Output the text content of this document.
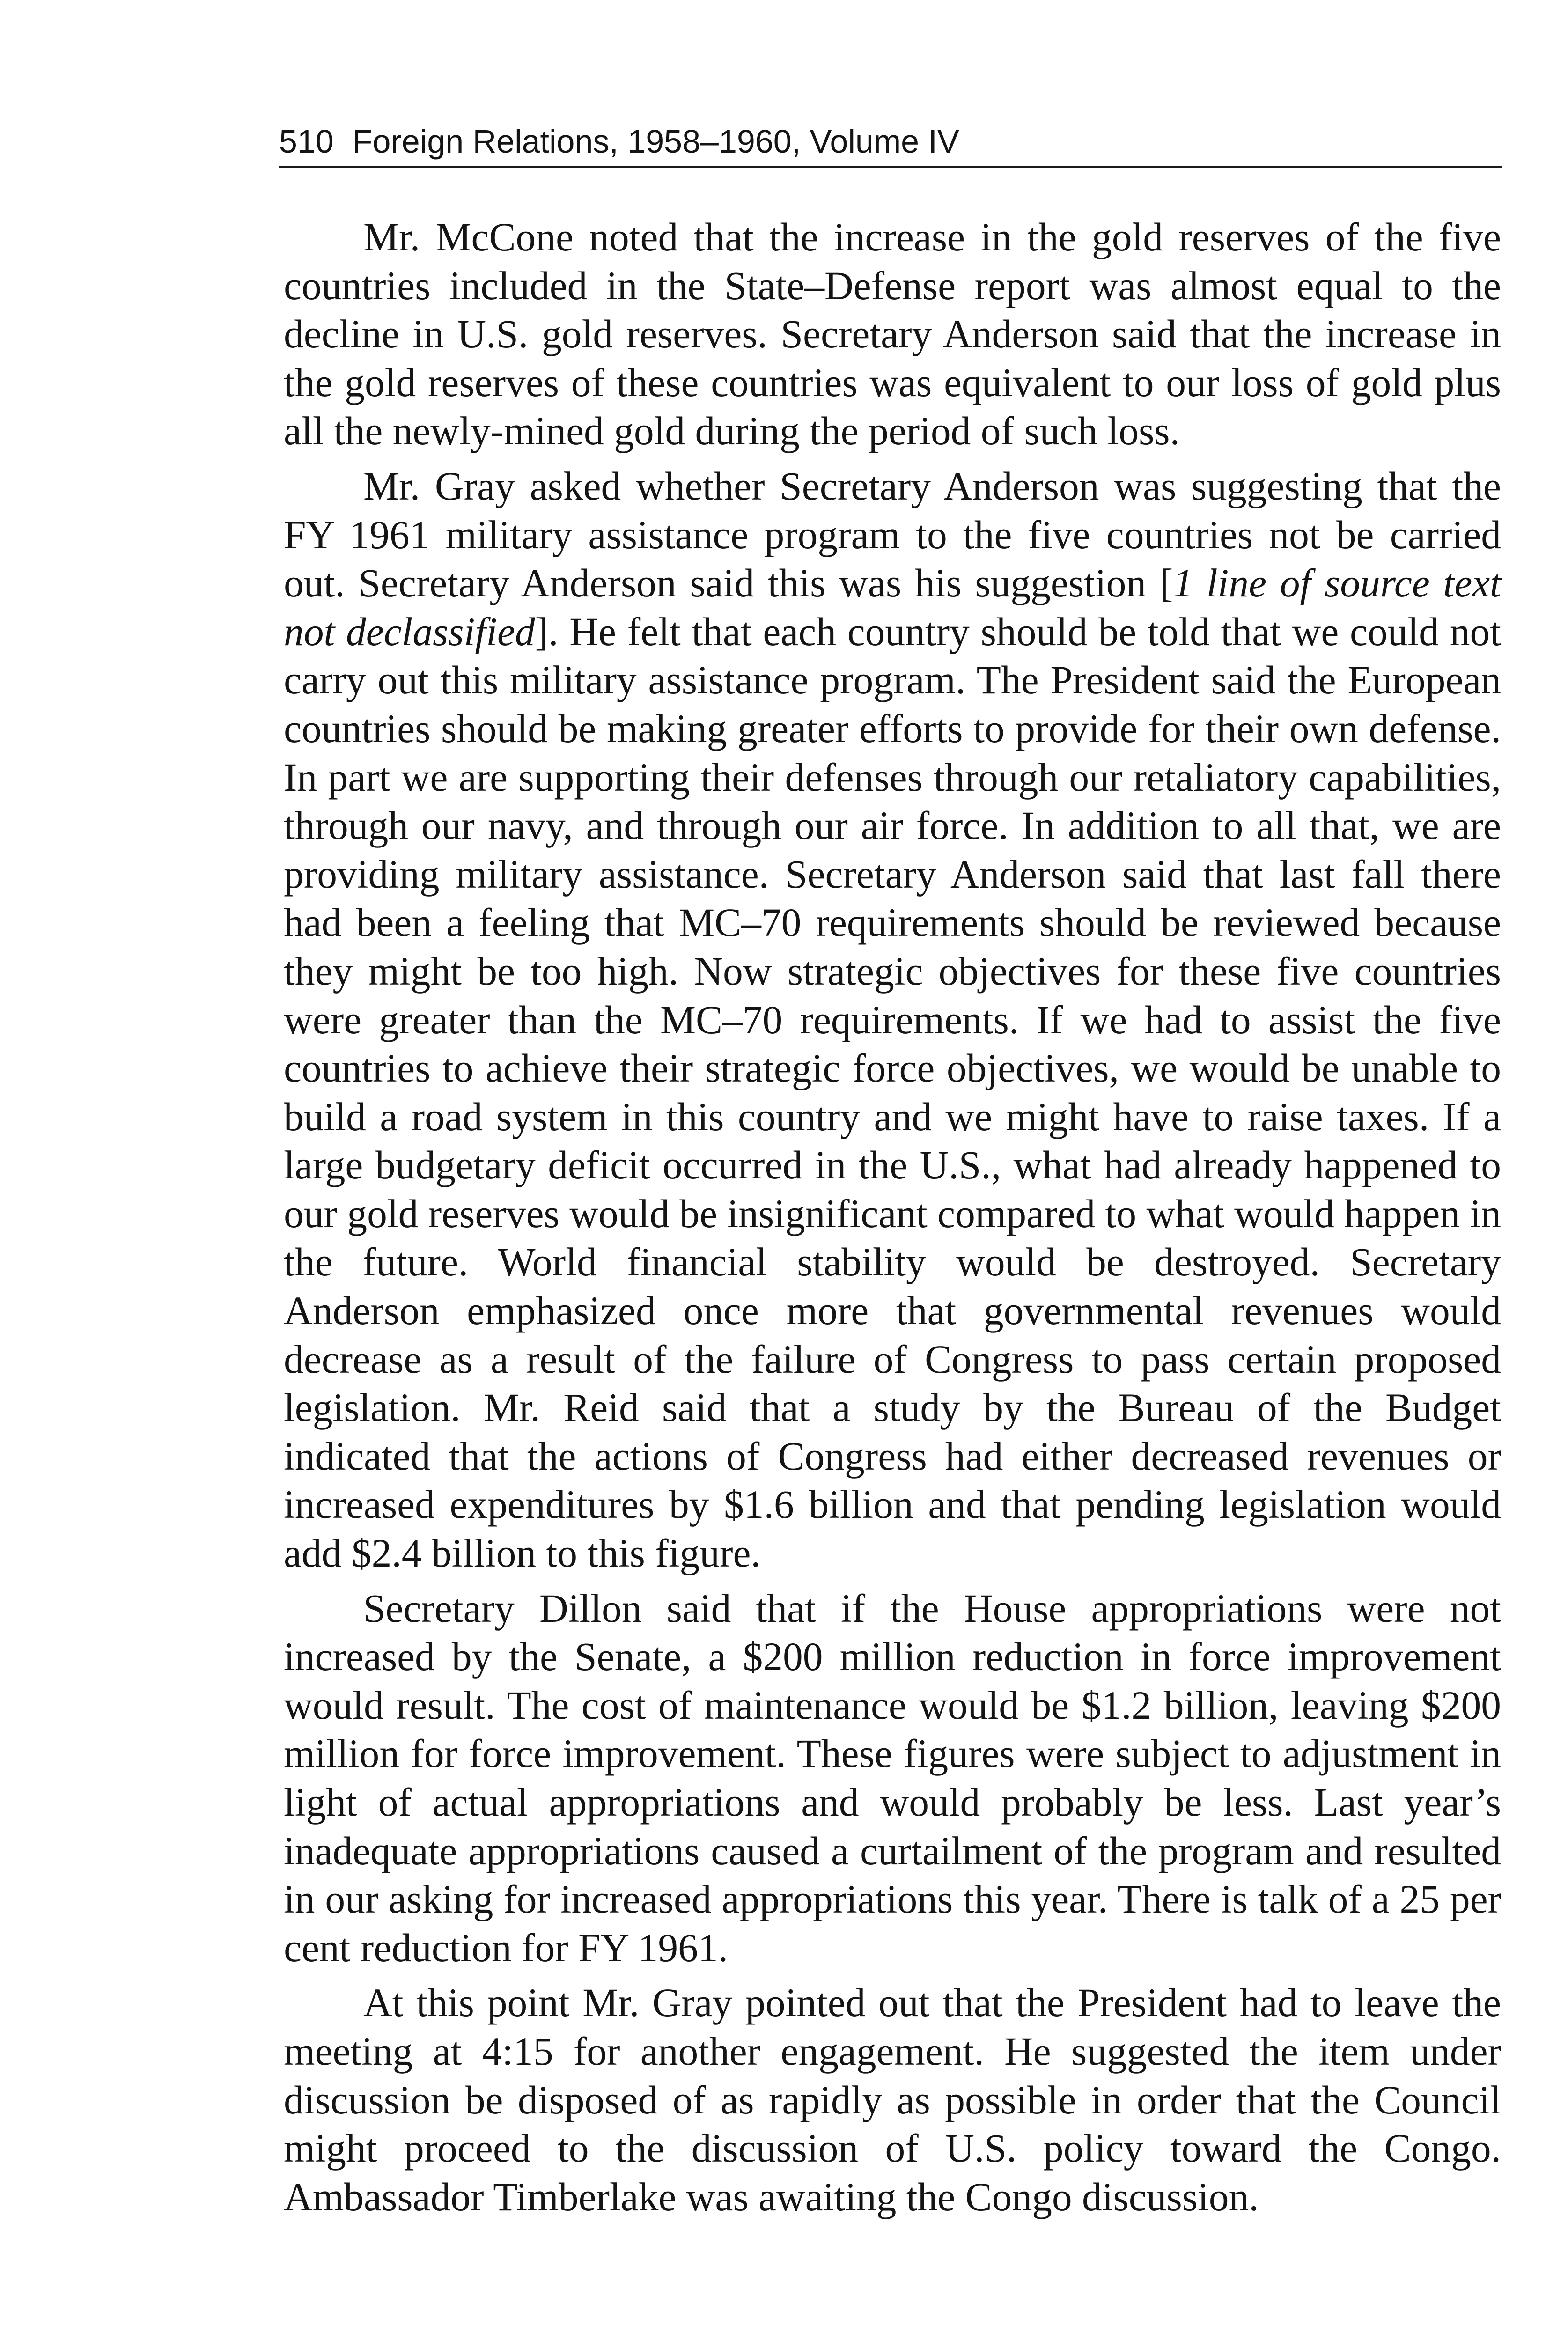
510 Foreign Relations, 1958–1960, Volume IV

Mr. McCone noted that the increase in the gold reserves of the five countries included in the State–Defense report was almost equal to the decline in U.S. gold reserves. Secretary Anderson said that the increase in the gold reserves of these countries was equivalent to our loss of gold plus all the newly-mined gold during the period of such loss.

Mr. Gray asked whether Secretary Anderson was suggesting that the FY 1961 military assistance program to the five countries not be carried out. Secretary Anderson said this was his suggestion [1 line of source text not declassified]. He felt that each country should be told that we could not carry out this military assistance program. The President said the European countries should be making greater efforts to provide for their own defense. In part we are supporting their defenses through our retaliatory capabilities, through our navy, and through our air force. In addition to all that, we are providing military assistance. Secretary Anderson said that last fall there had been a feeling that MC–70 requirements should be reviewed because they might be too high. Now strategic objectives for these five countries were greater than the MC–70 requirements. If we had to assist the five countries to achieve their strategic force objectives, we would be unable to build a road system in this country and we might have to raise taxes. If a large budgetary deficit occurred in the U.S., what had already happened to our gold reserves would be insignificant compared to what would happen in the future. World financial stability would be destroyed. Secretary Anderson emphasized once more that governmental revenues would decrease as a result of the failure of Congress to pass certain proposed legislation. Mr. Reid said that a study by the Bureau of the Budget indicated that the actions of Congress had either decreased revenues or increased expenditures by $1.6 billion and that pending legislation would add $2.4 billion to this figure.

Secretary Dillon said that if the House appropriations were not increased by the Senate, a $200 million reduction in force improvement would result. The cost of maintenance would be $1.2 billion, leaving $200 million for force improvement. These figures were subject to adjustment in light of actual appropriations and would probably be less. Last year’s inadequate appropriations caused a curtailment of the program and resulted in our asking for increased appropriations this year. There is talk of a 25 per cent reduction for FY 1961.

At this point Mr. Gray pointed out that the President had to leave the meeting at 4:15 for another engagement. He suggested the item under discussion be disposed of as rapidly as possible in order that the Council might proceed to the discussion of U.S. policy toward the Congo. Ambassador Timberlake was awaiting the Congo discussion.
